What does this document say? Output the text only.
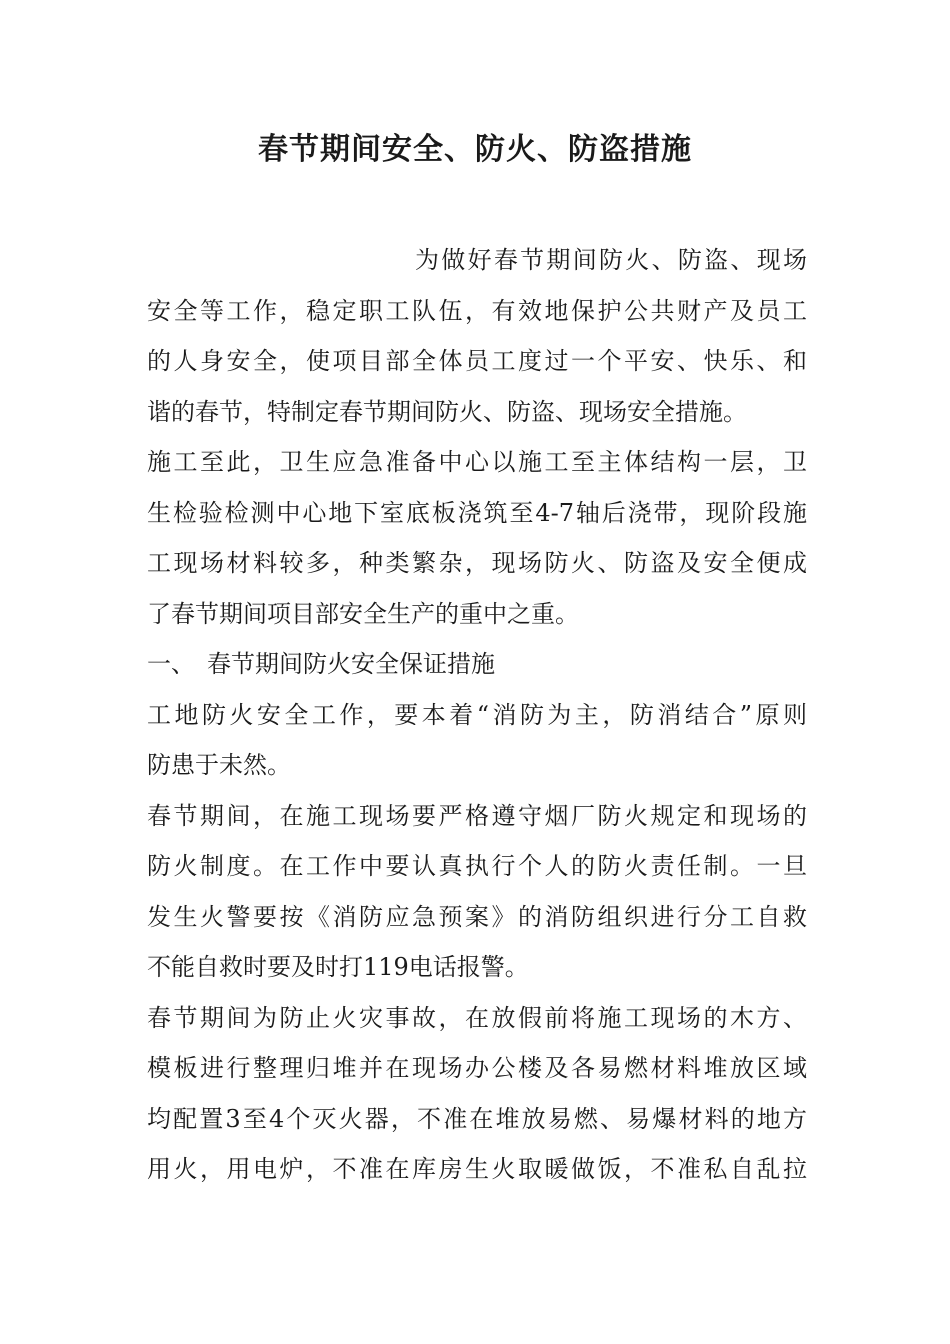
春节期间安全、防火、防盗措施
为做好春节期间防火、防盗、现场
安全等工作，稳定职工队伍，有效地保护公共财产及员工
的人身安全，使项目部全体员工度过一个平安、快乐、和
谐的春节，特制定春节期间防火、防盗、现场安全措施。
施工至此，卫生应急准备中心以施工至主体结构一层，卫
生检验检测中心地下室底板浇筑至4-7轴后浇带，现阶段施
工现场材料较多，种类繁杂，现场防火、防盗及安全便成
了春节期间项目部安全生产的重中之重。
一、　春节期间防火安全保证措施
工地防火安全工作，要本着“消防为主，防消结合”原则
防患于未然。
春节期间，在施工现场要严格遵守烟厂防火规定和现场的
防火制度。在工作中要认真执行个人的防火责任制。一旦
发生火警要按《消防应急预案》的消防组织进行分工自救
不能自救时要及时打119电话报警。
春节期间为防止火灾事故，在放假前将施工现场的木方、
模板进行整理归堆并在现场办公楼及各易燃材料堆放区域
均配置3至4个灭火器，不准在堆放易燃、易爆材料的地方
用火，用电炉，不准在库房生火取暖做饭，不准私自乱拉
